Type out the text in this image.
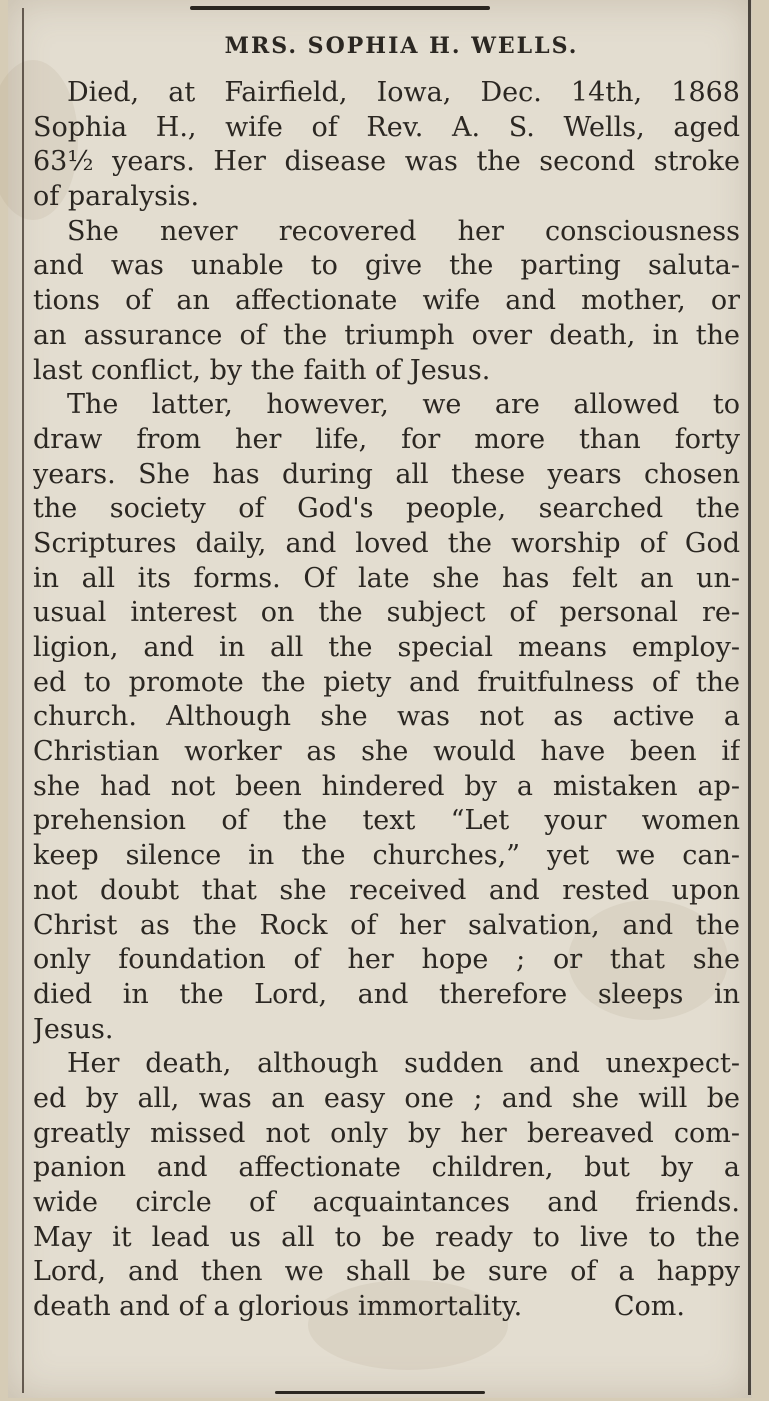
MRS. SOPHIA H. WELLS.
Died, at Fairfield, Iowa, Dec. 14th, 1868
Sophia H., wife of Rev. A. S. Wells, aged
63½ years. Her disease was the second stroke
of paralysis.
She never recovered her consciousness
and was unable to give the parting saluta-
tions of an affectionate wife and mother, or
an assurance of the triumph over death, in the
last conflict, by the faith of Jesus.
The latter, however, we are allowed to
draw from her life, for more than forty
years. She has during all these years chosen
the society of God's people, searched the
Scriptures daily, and loved the worship of God
in all its forms. Of late she has felt an un-
usual interest on the subject of personal re-
ligion, and in all the special means employ-
ed to promote the piety and fruitfulness of the
church. Although she was not as active a
Christian worker as she would have been if
she had not been hindered by a mistaken ap-
prehension of the text “Let your women
keep silence in the churches,” yet we can-
not doubt that she received and rested upon
Christ as the Rock of her salvation, and the
only foundation of her hope ; or that she
died in the Lord, and therefore sleeps in
Jesus.
Her death, although sudden and unexpect-
ed by all, was an easy one ; and she will be
greatly missed not only by her bereaved com-
panion and affectionate children, but by a
wide circle of acquaintances and friends.
May it lead us all to be ready to live to the
Lord, and then we shall be sure of a happy
death and of a glorious immortality.	Com.
